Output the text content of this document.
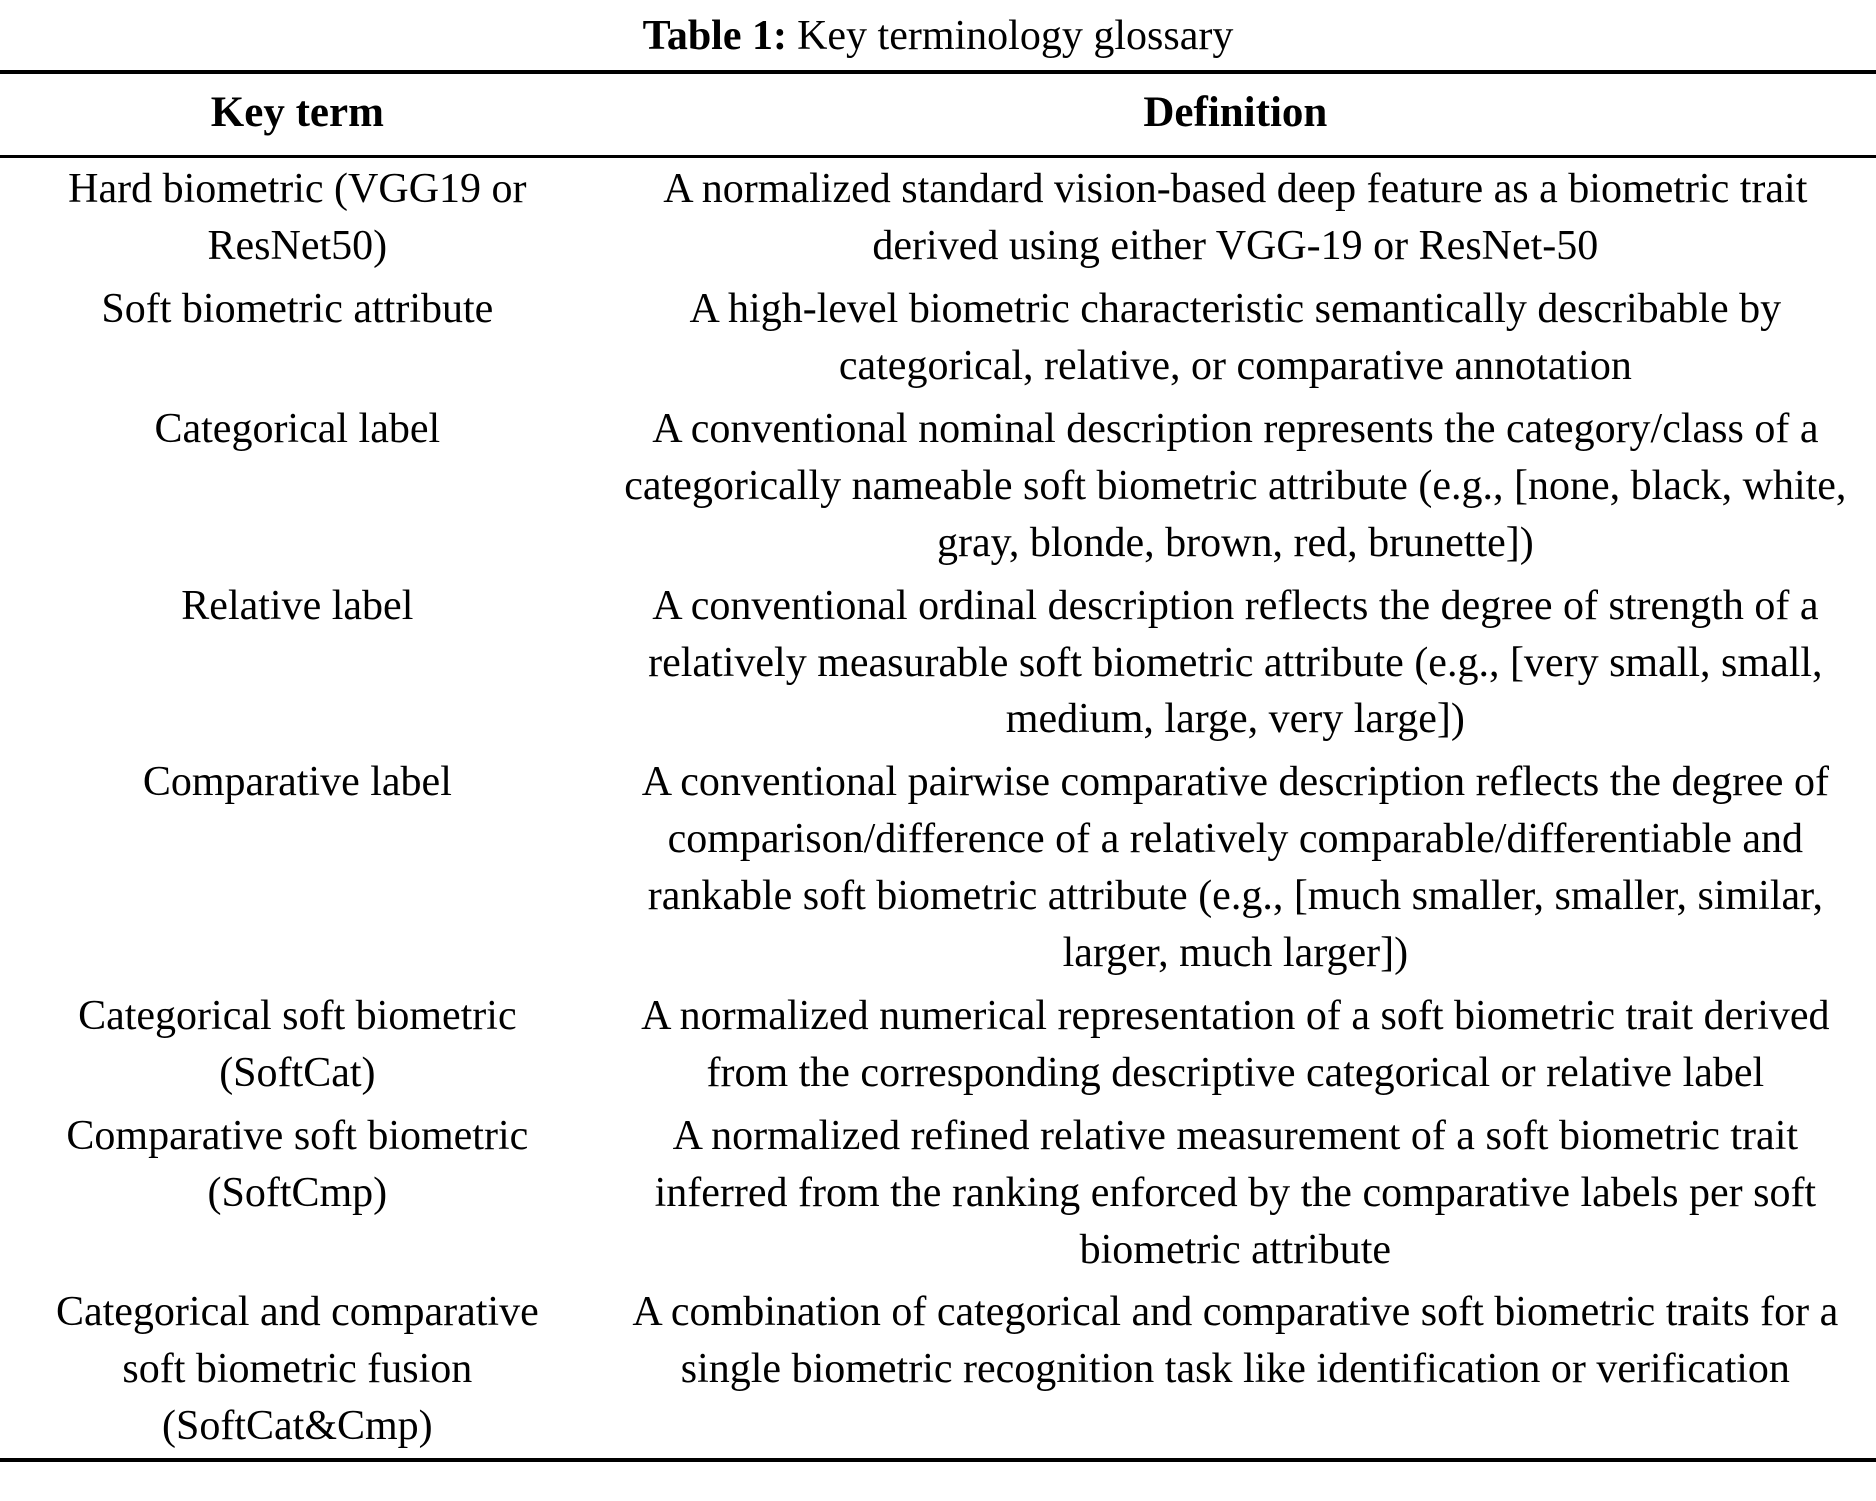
Table 1: Key terminology glossary
Key term	Definition
Hard biometric (VGG19 or ResNet50)	A normalized standard vision-based deep feature as a biometric trait derived using either VGG-19 or ResNet-50
Soft biometric attribute	A high-level biometric characteristic semantically describable by categorical, relative, or comparative annotation
Categorical label	A conventional nominal description represents the category/class of a categorically nameable soft biometric attribute (e.g., [none, black, white, gray, blonde, brown, red, brunette])
Relative label	A conventional ordinal description reflects the degree of strength of a relatively measurable soft biometric attribute (e.g., [very small, small, medium, large, very large])
Comparative label	A conventional pairwise comparative description reflects the degree of comparison/difference of a relatively comparable/differentiable and rankable soft biometric attribute (e.g., [much smaller, smaller, similar, larger, much larger])
Categorical soft biometric (SoftCat)	A normalized numerical representation of a soft biometric trait derived from the corresponding descriptive categorical or relative label
Comparative soft biometric (SoftCmp)	A normalized refined relative measurement of a soft biometric trait inferred from the ranking enforced by the comparative labels per soft biometric attribute
Categorical and comparative soft biometric fusion (SoftCat&Cmp)	A combination of categorical and comparative soft biometric traits for a single biometric recognition task like identification or verification
